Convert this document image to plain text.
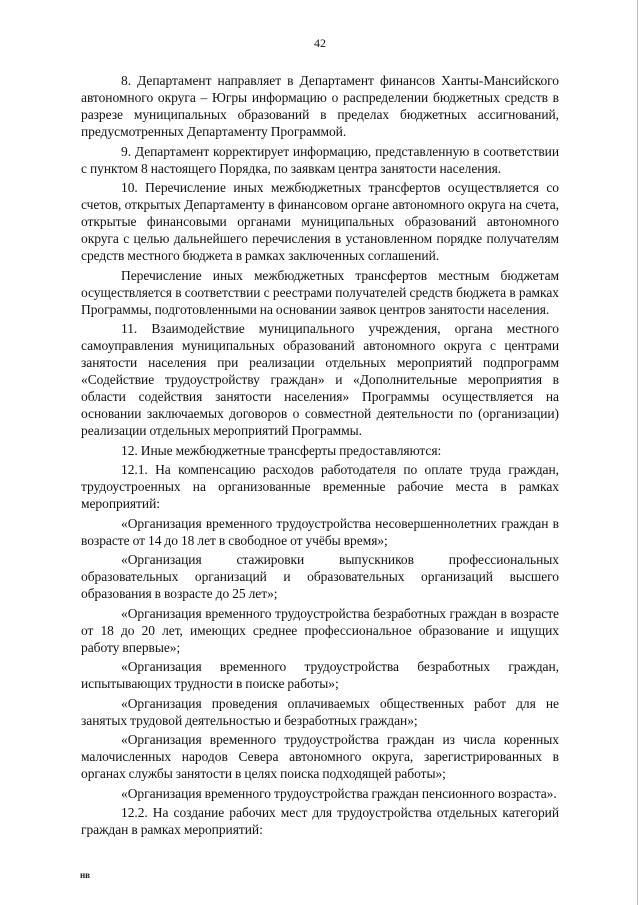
42

8. Департамент направляет в Департамент финансов Ханты-Мансийского автономного округа – Югры информацию о распределении бюджетных средств в разрезе муниципальных образований в пределах бюджетных ассигнований, предусмотренных Департаменту Программой.

9. Департамент корректирует информацию, представленную в соответствии с пунктом 8 настоящего Порядка, по заявкам центра занятости населения.

10. Перечисление иных межбюджетных трансфертов осуществляется со счетов, открытых Департаменту в финансовом органе автономного округа на счета, открытые финансовыми органами муниципальных образований автономного округа с целью дальнейшего перечисления в установленном порядке получателям средств местного бюджета в рамках заключенных соглашений.

Перечисление иных межбюджетных трансфертов местным бюджетам осуществляется в соответствии с реестрами получателей средств бюджета в рамках Программы, подготовленными на основании заявок центров занятости населения.

11. Взаимодействие муниципального учреждения, органа местного самоуправления муниципальных образований автономного округа с центрами занятости населения при реализации отдельных мероприятий подпрограмм «Содействие трудоустройству граждан» и «Дополнительные мероприятия в области содействия занятости населения» Программы осуществляется на основании заключаемых договоров о совместной деятельности по (организации) реализации отдельных мероприятий Программы.

12. Иные межбюджетные трансферты предоставляются:

12.1. На компенсацию расходов работодателя по оплате труда граждан, трудоустроенных на организованные временные рабочие места в рамках мероприятий:

«Организация временного трудоустройства несовершеннолетних граждан в возрасте от 14 до 18 лет в свободное от учёбы время»;

«Организация стажировки выпускников профессиональных образовательных организаций и образовательных организаций высшего образования в возрасте до 25 лет»;

«Организация временного трудоустройства безработных граждан в возрасте от 18 до 20 лет, имеющих среднее профессиональное образование и ищущих работу впервые»;

«Организация временного трудоустройства безработных граждан, испытывающих трудности в поиске работы»;

«Организация проведения оплачиваемых общественных работ для не занятых трудовой деятельностью и безработных граждан»;

«Организация временного трудоустройства граждан из числа коренных малочисленных народов Севера автономного округа, зарегистрированных в органах службы занятости в целях поиска подходящей работы»;

«Организация временного трудоустройства граждан пенсионного возраста».

12.2. На создание рабочих мест для трудоустройства отдельных категорий граждан в рамках мероприятий:

нв
